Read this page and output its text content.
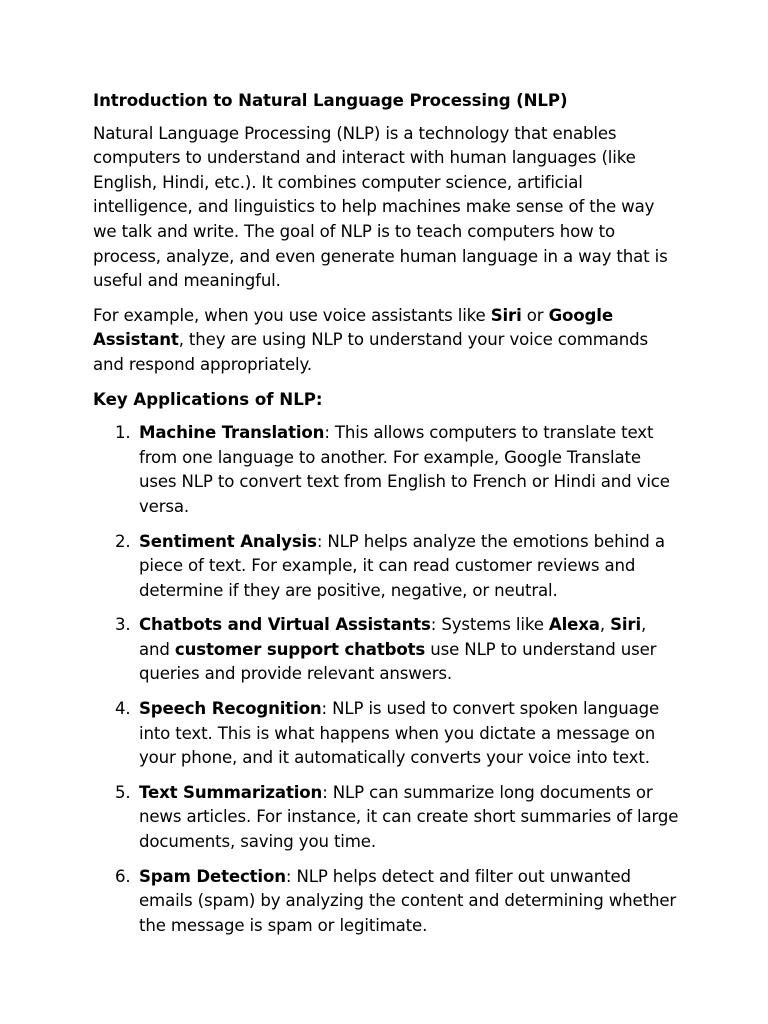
Introduction to Natural Language Processing (NLP)

Natural Language Processing (NLP) is a technology that enables computers to understand and interact with human languages (like English, Hindi, etc.). It combines computer science, artificial intelligence, and linguistics to help machines make sense of the way we talk and write. The goal of NLP is to teach computers how to process, analyze, and even generate human language in a way that is useful and meaningful.

For example, when you use voice assistants like Siri or Google Assistant, they are using NLP to understand your voice commands and respond appropriately.

Key Applications of NLP:
1. Machine Translation: This allows computers to translate text from one language to another. For example, Google Translate uses NLP to convert text from English to French or Hindi and vice versa.
2. Sentiment Analysis: NLP helps analyze the emotions behind a piece of text. For example, it can read customer reviews and determine if they are positive, negative, or neutral.
3. Chatbots and Virtual Assistants: Systems like Alexa, Siri, and customer support chatbots use NLP to understand user queries and provide relevant answers.
4. Speech Recognition: NLP is used to convert spoken language into text. This is what happens when you dictate a message on your phone, and it automatically converts your voice into text.
5. Text Summarization: NLP can summarize long documents or news articles. For instance, it can create short summaries of large documents, saving you time.
6. Spam Detection: NLP helps detect and filter out unwanted emails (spam) by analyzing the content and determining whether the message is spam or legitimate.
